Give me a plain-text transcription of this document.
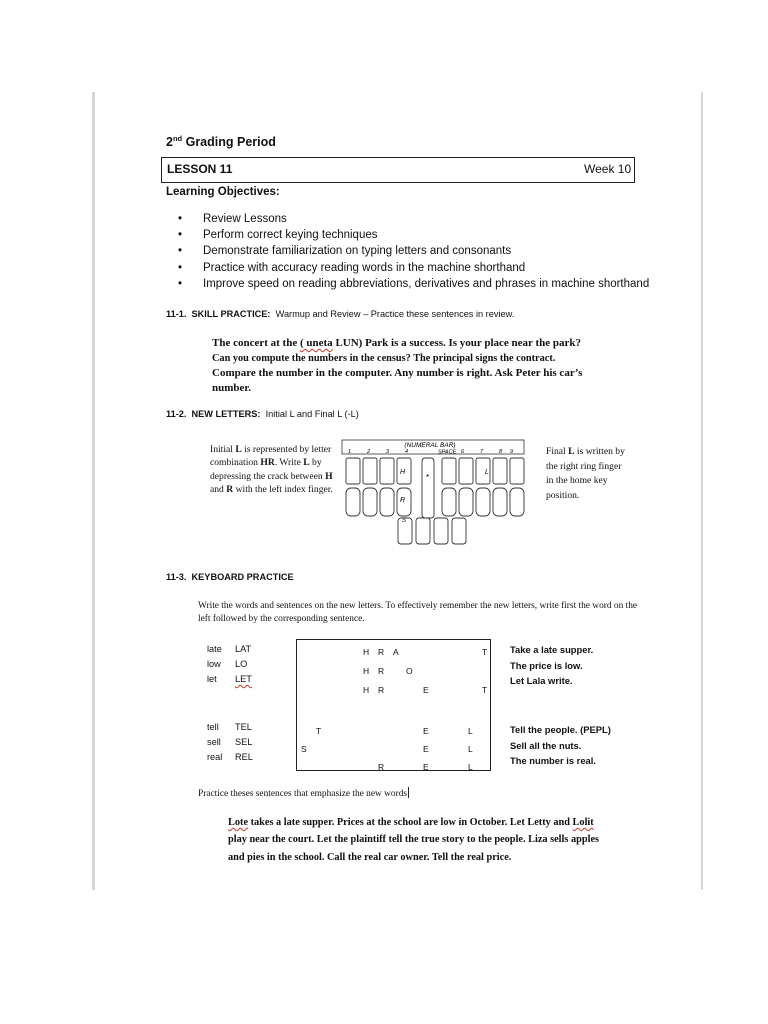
2nd Grading Period
LESSON 11	Week 10
Learning Objectives:
• Review Lessons
• Perform correct keying techniques
• Demonstrate familiarization on typing letters and consonants
• Practice with accuracy reading words in the machine shorthand
• Improve speed on reading abbreviations, derivatives and phrases in machine shorthand
11-1. SKILL PRACTICE: Warmup and Review – Practice these sentences in review.
The concert at the ( uneta LUN) Park is a success. Is your place near the park?
Can you compute the numbers in the census? The principal signs the contract.
Compare the number in the computer. Any number is right. Ask Peter his car’s number.
11-2. NEW LETTERS: Initial L and Final L (-L)
Initial L is represented by letter combination HR. Write L by depressing the crack between H and R with the left index finger.
(NUMERAL BAR)
SPACE
1	2	3	4	6	7	8 9
H
R
*
L
S
Final L is written by the right ring finger in the home key position.
11-3. KEYBOARD PRACTICE
Write the words and sentences on the new letters. To effectively remember the new letters, write first the word on the left followed by the corresponding sentence.
late LAT
low LO
let LET
tell TEL
sell SEL
real REL
H R A	T
H R	O
H R	E	T
T	E	L
S	E	L
R	E	L
Take a late supper.
The price is low.
Let Lala write.
Tell the people. (PEPL)
Sell all the nuts.
The number is real.
Practice theses sentences that emphasize the new words
Lote takes a late supper. Prices at the school are low in October. Let Letty and Lolit play near the court. Let the plaintiff tell the true story to the people. Liza sells apples and pies in the school. Call the real car owner. Tell the real price.
